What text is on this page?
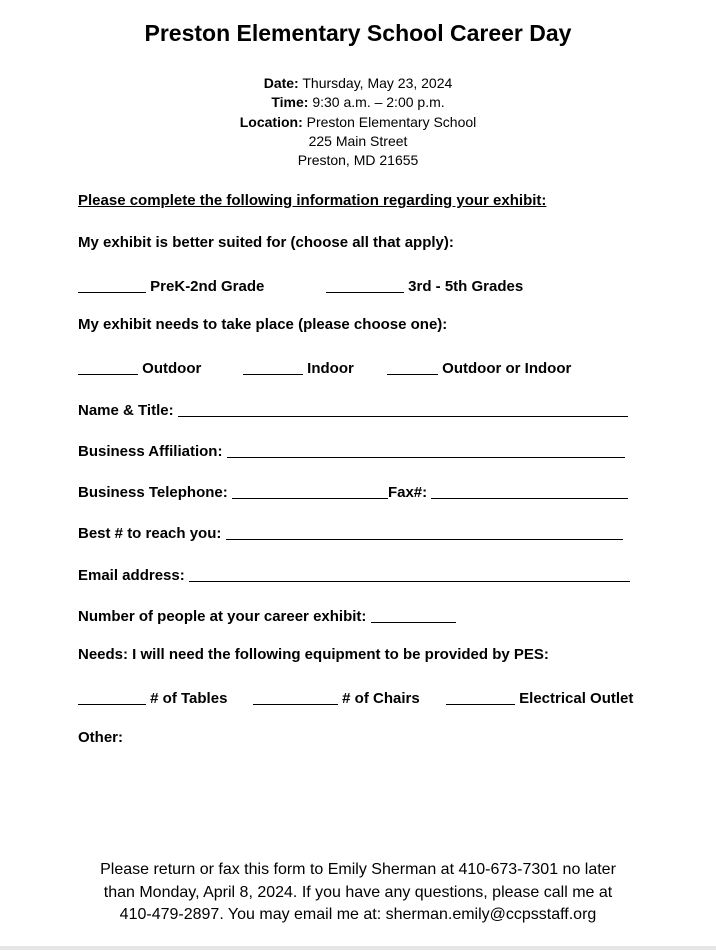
Preston Elementary School Career Day
Date: Thursday, May 23, 2024
Time: 9:30 a.m. – 2:00 p.m.
Location: Preston Elementary School
225 Main Street
Preston, MD 21655
Please complete the following information regarding your exhibit:
My exhibit is better suited for (choose all that apply):
PreK-2nd Grade	3rd - 5th Grades
My exhibit needs to take place (please choose one):
Outdoor	Indoor	Outdoor or Indoor
Name & Title:
Business Affiliation:
Business Telephone:	Fax#:
Best # to reach you:
Email address:
Number of people at your career exhibit:
Needs: I will need the following equipment to be provided by PES:
# of Tables	# of Chairs	Electrical Outlet
Other:
Please return or fax this form to Emily Sherman at 410-673-7301 no later
than Monday, April 8, 2024. If you have any questions, please call me at
410-479-2897. You may email me at: sherman.emily@ccpsstaff.org
